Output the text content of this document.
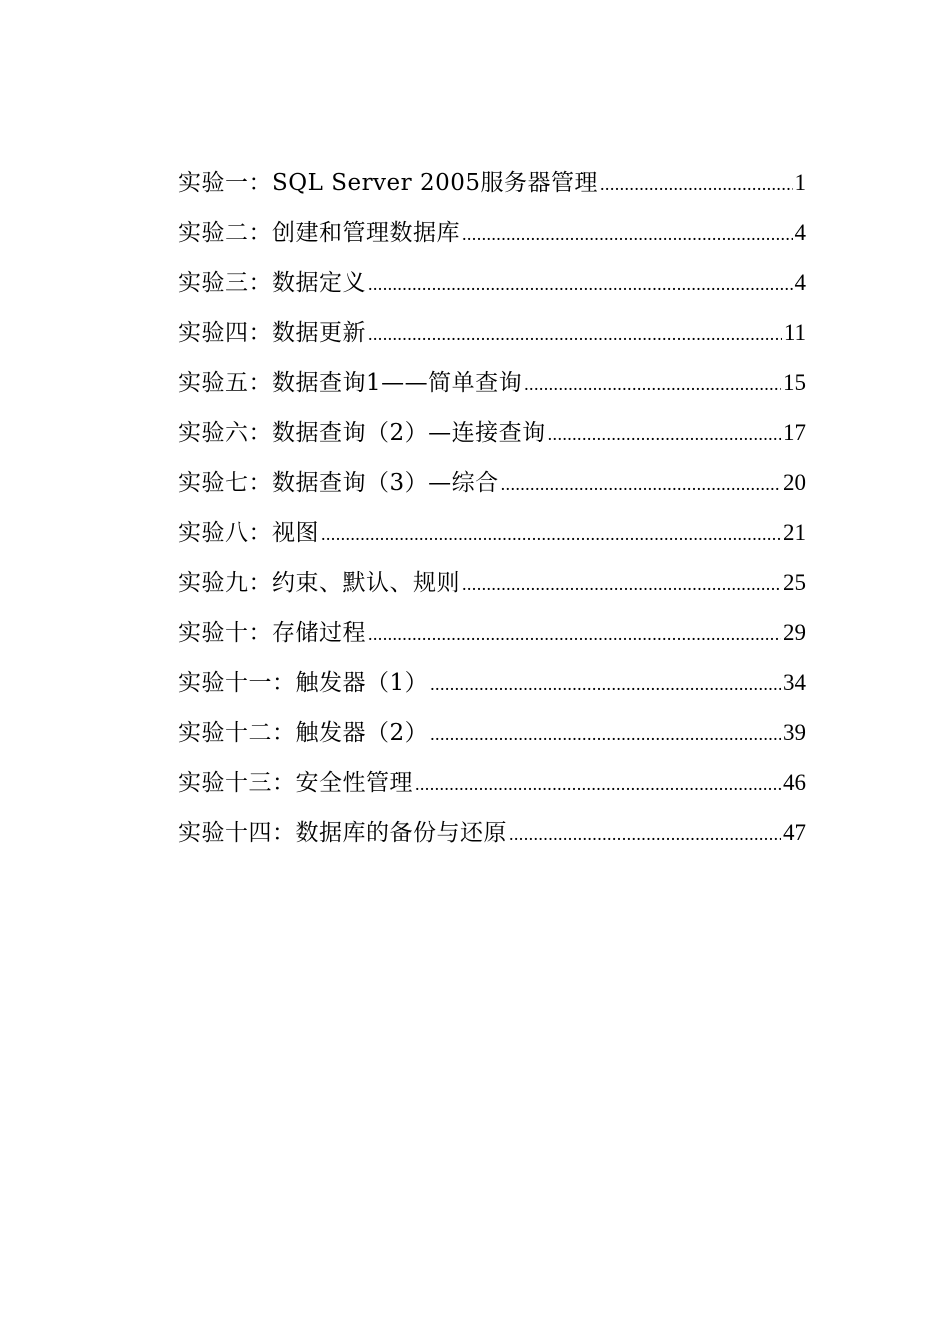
实验一：SQL Server 2005服务器管理 .....	1
实验二：创建和管理数据库 .....	4
实验三：数据定义 .....	4
实验四：数据更新 .....	11
实验五：数据查询1——简单查询 .....	15
实验六：数据查询（2）—连接查询 .....	17
实验七：数据查询（3）—综合 .....	20
实验八：视图 .....	21
实验九：约束、默认、规则 .....	25
实验十：存储过程 .....	29
实验十一：触发器（1） .....	34
实验十二：触发器（2） .....	39
实验十三：安全性管理 .....	46
实验十四：数据库的备份与还原 .....	47
